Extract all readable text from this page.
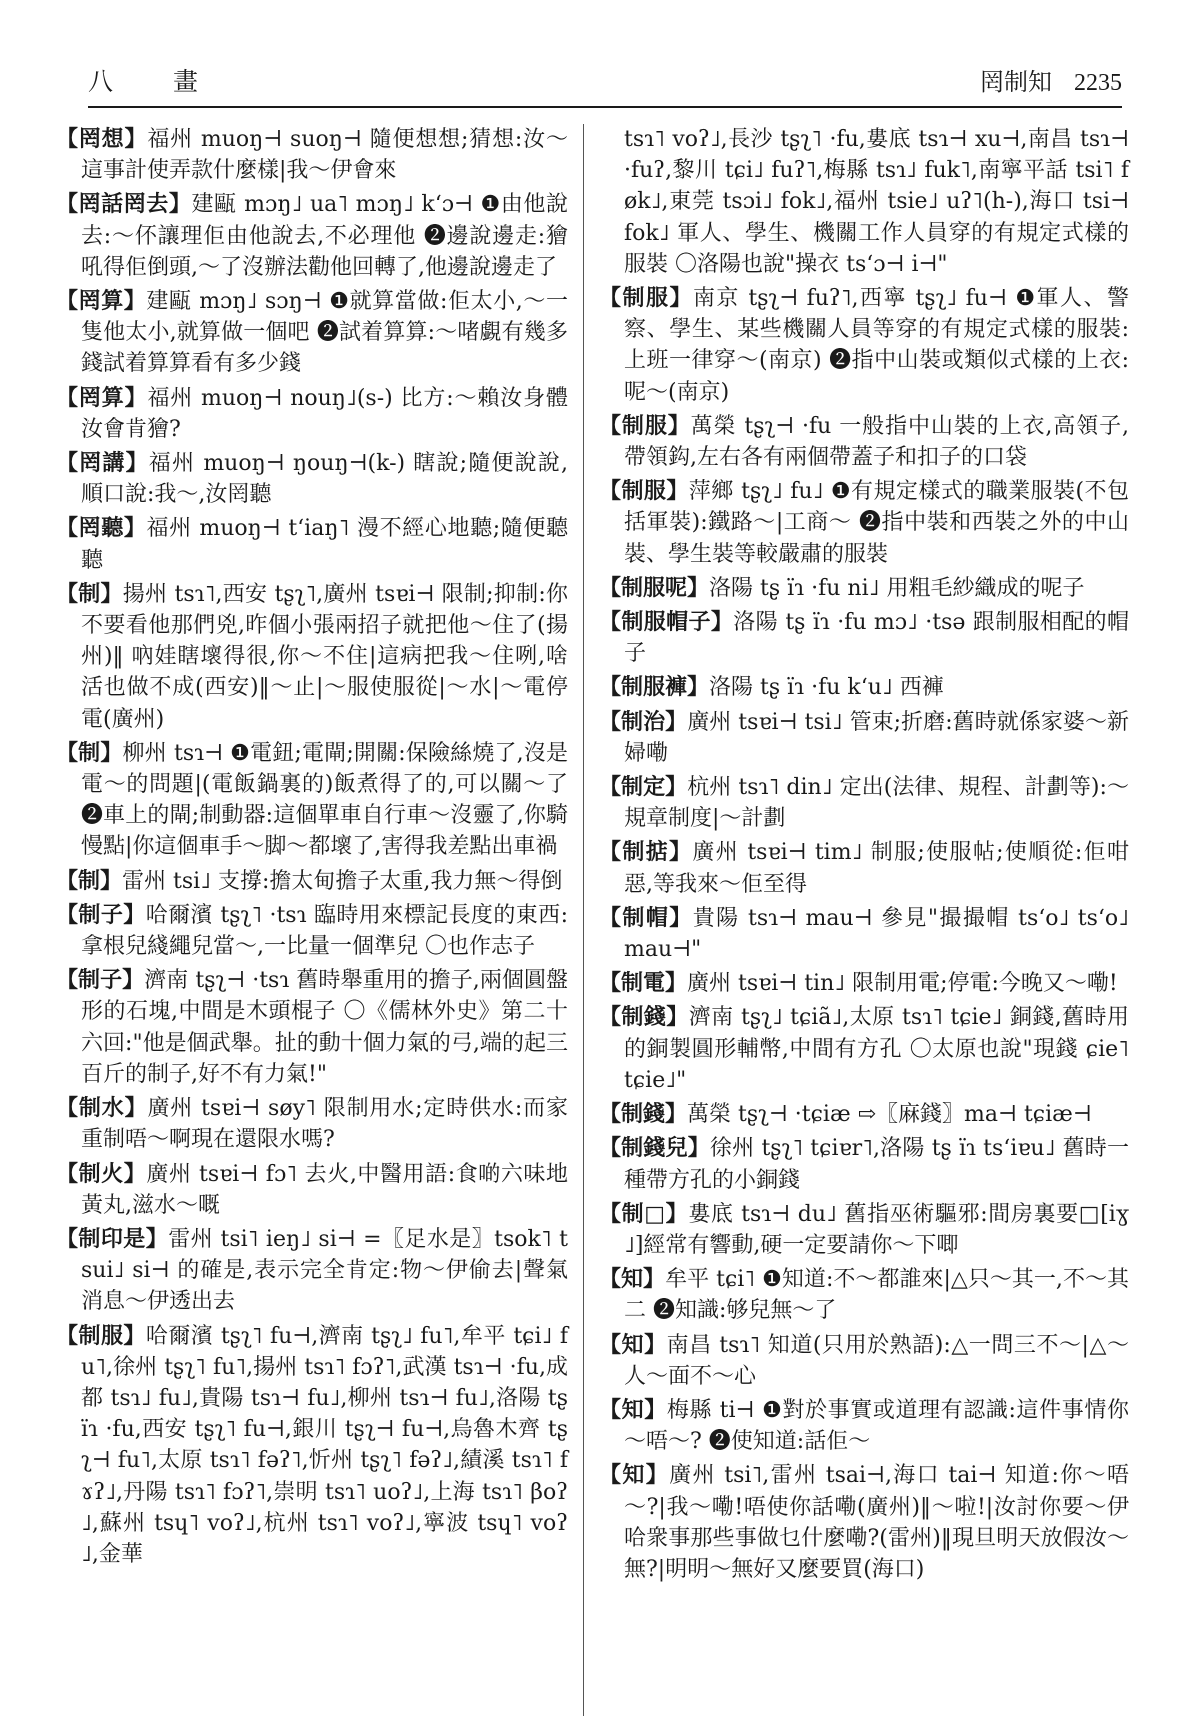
八 畫	罔制知 2235

【罔想】福州 muoŋ⊣ suoŋ⊣ 隨便想想;猜想:汝～這事計使弄款什麼樣|我～伊會來

【罔話罔去】建甌 mɔŋ˩ ua˥ mɔŋ˩ kʻɔ⊣ ❶由他說去:～伓讓理佢由他說去,不必理他 ❷邊說邊走:獪吼得佢倒頭,～了沒辦法勸他回轉了,他邊說邊走了

【罔算】建甌 mɔŋ˩ sɔŋ⊣ ❶就算當做:佢太小,～一隻他太小,就算做一個吧 ❷試着算算:～啫覷有幾多錢試着算算看有多少錢

【罔算】福州 muoŋ⊣ nouŋ˩(s-) 比方:～賴汝身體汝會肯獪?

【罔講】福州 muoŋ⊣ ŋouŋ⊣(k-) 瞎說;隨便說說,順口說:我～,汝罔聽

【罔聽】福州 muoŋ⊣ tʻiaŋ˥ 漫不經心地聽;隨便聽聽

【制】揚州 tsɿ˥,西安 tʂʅ˥,廣州 tsɐi⊣ 限制;抑制:你不要看他那們兇,昨個小張兩招子就把他～住了(揚州)‖ 吶娃瞎壞得很,你～不住|這病把我～住咧,啥活也做不成(西安)‖～止|～服使服從|～水|～電停電(廣州)

【制】柳州 tsɿ⊣ ❶電鈕;電閘;開關:保險絲燒了,沒是電～的問題|(電飯鍋裏的)飯煮得了的,可以關～了 ❷車上的閘;制動器:這個單車自行車～沒靈了,你騎慢點|你這個車手～脚～都壞了,害得我差點出車禍

【制】雷州 tsi˩ 支撐:擔太甸擔子太重,我力無～得倒

【制子】哈爾濱 tʂʅ˥ ·tsɿ 臨時用來標記長度的東西:拿根兒綫繩兒當～,一比量一個準兒 〇也作志子

【制子】濟南 tʂʅ⊣ ·tsɿ 舊時舉重用的擔子,兩個圓盤形的石塊,中間是木頭棍子 〇《儒林外史》第二十六回:"他是個武舉。扯的動十個力氣的弓,端的起三百斤的制子,好不有力氣!"

【制水】廣州 tsɐi⊣ søy˥ 限制用水;定時供水:而家重制唔～啊現在還限水嗎?

【制火】廣州 tsɐi⊣ fɔ˥ 去火,中醫用語:食啲六味地黃丸,滋水～嘅

【制印是】雷州 tsi˥ ieŋ˩ si⊣ =〖足水是〗tsok˥ tsui˩ si⊣ 的確是,表示完全肯定:物～伊偷去|聲氣消息～伊透出去

【制服】哈爾濱 tʂʅ˥ fu⊣,濟南 tʂʅ˩ fu˥,牟平 tɕi˩ fu˥,徐州 tʂʅ˥ fu˥,揚州 tsɿ˥ fɔʔ˥,武漢 tsɿ⊣ ·fu,成都 tsɿ˩ fu˩,貴陽 tsɿ⊣ fu˩,柳州 tsɿ⊣ fu˩,洛陽 tʂ ïɿ ·fu,西安 tʂʅ˥ fu⊣,銀川 tʂʅ⊣ fu⊣,烏魯木齊 tʂʅ⊣ fu˥,太原 tsɿ˥ fəʔ˥,忻州 tʂʅ˥ fəʔ˩,績溪 tsɿ˥ fɤʔ˩,丹陽 tsɿ˥ fɔʔ˥,崇明 tsɿ˥ uoʔ˩,上海 tsɿ˥ βoʔ˩,蘇州 tsɥ˥ voʔ˩,杭州 tsɿ˥ voʔ˩,寧波 tsɥ˥ voʔ˩,金華

tsɿ˥ voʔ˩,長沙 tʂʅ˥ ·fu,婁底 tsɿ⊣ xu⊣,南昌 tsɿ⊣ ·fuʔ,黎川 tɕi˩ fuʔ˥,梅縣 tsɿ˩ fuk˥,南寧平話 tsi˥ føk˩,東莞 tsɔi˩ fok˩,福州 tsie˩ uʔ˥(h-),海口 tsi⊣ fok˩ 軍人、學生、機關工作人員穿的有規定式樣的服裝 〇洛陽也說"操衣 tsʻɔ⊣ i⊣"

【制服】南京 tʂʅ⊣ fuʔ˥,西寧 tʂʅ˩ fu⊣ ❶軍人、警察、學生、某些機關人員等穿的有規定式樣的服裝:上班一律穿～(南京) ❷指中山裝或類似式樣的上衣:呢～(南京)

【制服】萬榮 tʂʅ⊣ ·fu 一般指中山裝的上衣,高領子,帶領鈎,左右各有兩個帶蓋子和扣子的口袋

【制服】萍鄉 tʂʅ˩ fu˩ ❶有規定樣式的職業服裝(不包括軍裝):鐵路～|工商～ ❷指中裝和西裝之外的中山裝、學生裝等較嚴肅的服裝

【制服呢】洛陽 tʂ ïɿ ·fu ni˩ 用粗毛紗織成的呢子

【制服帽子】洛陽 tʂ ïɿ ·fu mɔ˩ ·tsə 跟制服相配的帽子

【制服褲】洛陽 tʂ ïɿ ·fu kʻu˩ 西褲

【制治】廣州 tsɐi⊣ tsi˩ 管束;折磨:舊時就係家婆～新婦嘞

【制定】杭州 tsɿ˥ din˩ 定出(法律、規程、計劃等):～規章制度|～計劃

【制掂】廣州 tsɐi⊣ tim˩ 制服;使服帖;使順從:佢咁惡,等我來～佢至得

【制帽】貴陽 tsɿ⊣ mau⊣ 參見"撮撮帽 tsʻo˩ tsʻo˩ mau⊣"

【制電】廣州 tsɐi⊣ tin˩ 限制用電;停電:今晚又～嘞!

【制錢】濟南 tʂʅ˩ tɕiã˩,太原 tsɿ˥ tɕie˩ 銅錢,舊時用的銅製圓形輔幣,中間有方孔 〇太原也說"現錢 ɕie˥ tɕie˩"

【制錢】萬榮 tʂʅ⊣ ·tɕiæ ⇨〖麻錢〗ma⊣ tɕiæ⊣

【制錢兒】徐州 tʂʅ˥ tɕiɐr˥,洛陽 tʂ ïɿ tsʻiɐu˩ 舊時一種帶方孔的小銅錢

【制□】婁底 tsɿ⊣ du˩ 舊指巫術驅邪:間房裏要□[iɣ˩]經常有響動,硬一定要請你～下唧

【知】牟平 tɕi˥ ❶知道:不～都誰來|△只～其一,不～其二 ❷知識:够兒無～了

【知】南昌 tsɿ˥ 知道(只用於熟語):△一問三不～|△～人～面不～心

【知】梅縣 ti⊣ ❶對於事實或道理有認識:這件事情你～唔～? ❷使知道:話佢～

【知】廣州 tsi˥,雷州 tsai⊣,海口 tai⊣ 知道:你～唔～?|我～嘞!唔使你話嘞(廣州)‖～啦!|汝討你要～伊哈衆事那些事做乜什麼嘞?(雷州)‖現旦明天放假汝～無?|明明～無好又麼要買(海口)
